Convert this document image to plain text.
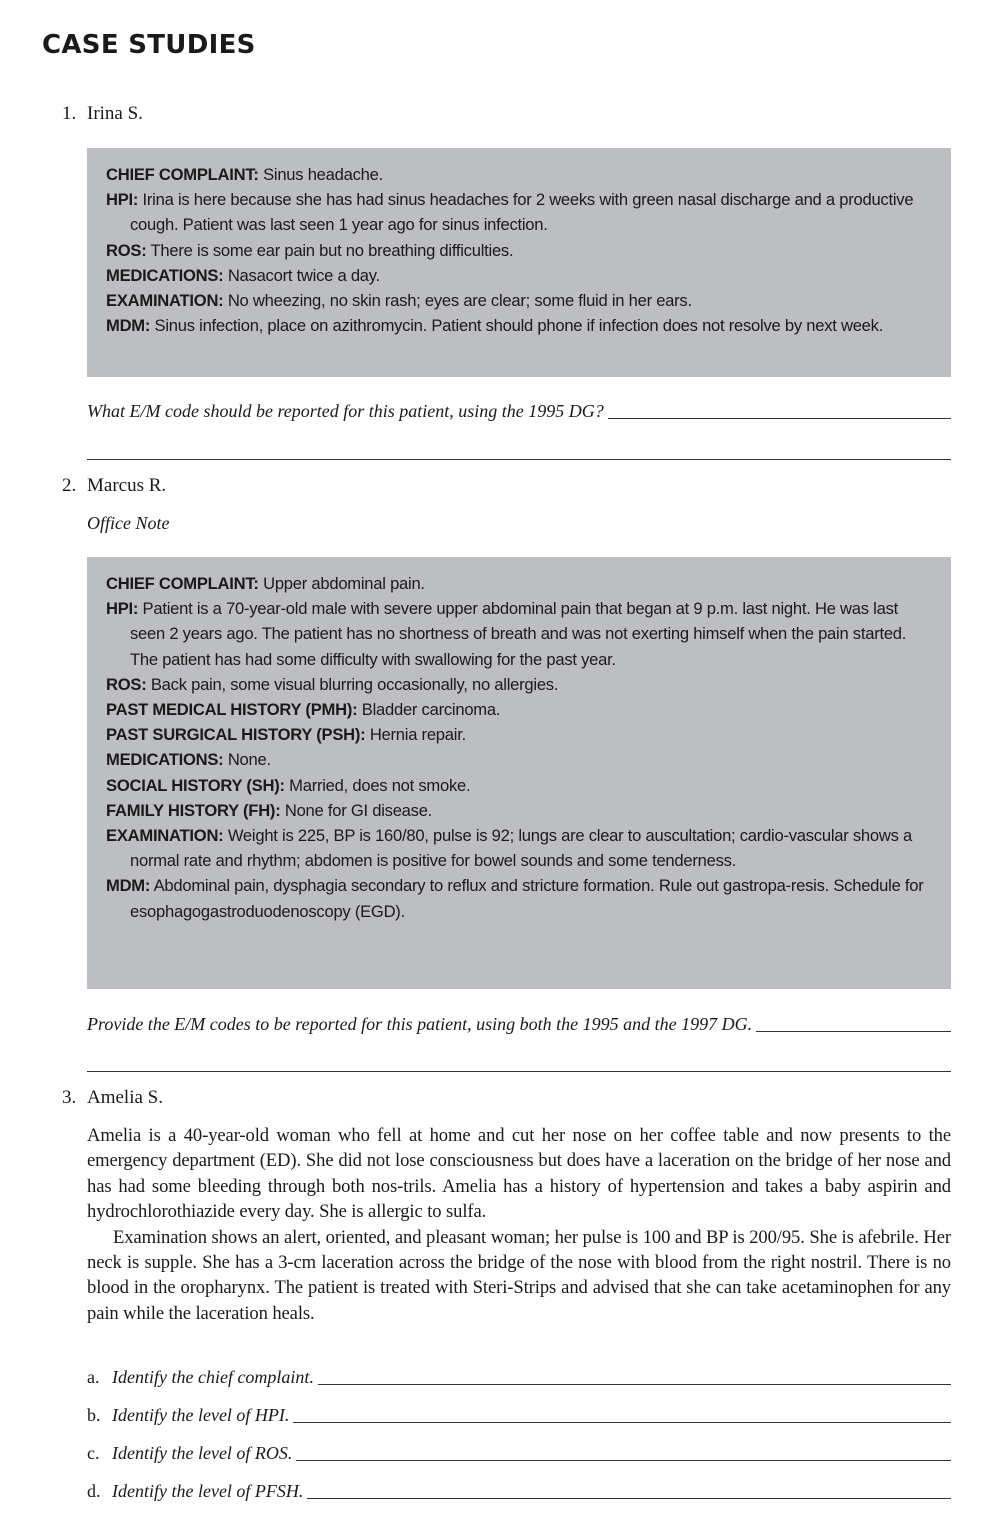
CASE STUDIES
1. Irina S.

CHIEF COMPLAINT: Sinus headache.

HPI: Irina is here because she has had sinus headaches for 2 weeks with green nasal discharge and a productive cough. Patient was last seen 1 year ago for sinus infection.

ROS: There is some ear pain but no breathing difficulties.

MEDICATIONS: Nasacort twice a day.

EXAMINATION: No wheezing, no skin rash; eyes are clear; some fluid in her ears.

MDM: Sinus infection, place on azithromycin. Patient should phone if infection does not resolve by next week.

What E/M code should be reported for this patient, using the 1995 DG?
2. Marcus R.
Office Note

CHIEF COMPLAINT: Upper abdominal pain.

HPI: Patient is a 70-year-old male with severe upper abdominal pain that began at 9 p.m. last night. He was last seen 2 years ago. The patient has no shortness of breath and was not exerting himself when the pain started. The patient has had some difficulty with swallowing for the past year.

ROS: Back pain, some visual blurring occasionally, no allergies.

PAST MEDICAL HISTORY (PMH): Bladder carcinoma.

PAST SURGICAL HISTORY (PSH): Hernia repair.

MEDICATIONS: None.

SOCIAL HISTORY (SH): Married, does not smoke.

FAMILY HISTORY (FH): None for GI disease.

EXAMINATION: Weight is 225, BP is 160/80, pulse is 92; lungs are clear to auscultation; cardio-vascular shows a normal rate and rhythm; abdomen is positive for bowel sounds and some tenderness.

MDM: Abdominal pain, dysphagia secondary to reflux and stricture formation. Rule out gastropa-resis. Schedule for esophagogastroduodenoscopy (EGD).

Provide the E/M codes to be reported for this patient, using both the 1995 and the 1997 DG.
3. Amelia S.

Amelia is a 40-year-old woman who fell at home and cut her nose on her coffee table and now presents to the emergency department (ED). She did not lose consciousness but does have a laceration on the bridge of her nose and has had some bleeding through both nos-trils. Amelia has a history of hypertension and takes a baby aspirin and hydrochlorothiazide every day. She is allergic to sulfa.

Examination shows an alert, oriented, and pleasant woman; her pulse is 100 and BP is 200/95. She is afebrile. Her neck is supple. She has a 3-cm laceration across the bridge of the nose with blood from the right nostril. There is no blood in the oropharynx. The patient is treated with Steri-Strips and advised that she can take acetaminophen for any pain while the laceration heals.

a. Identify the chief complaint.
b. Identify the level of HPI.
c. Identify the level of ROS.
d. Identify the level of PFSH.
